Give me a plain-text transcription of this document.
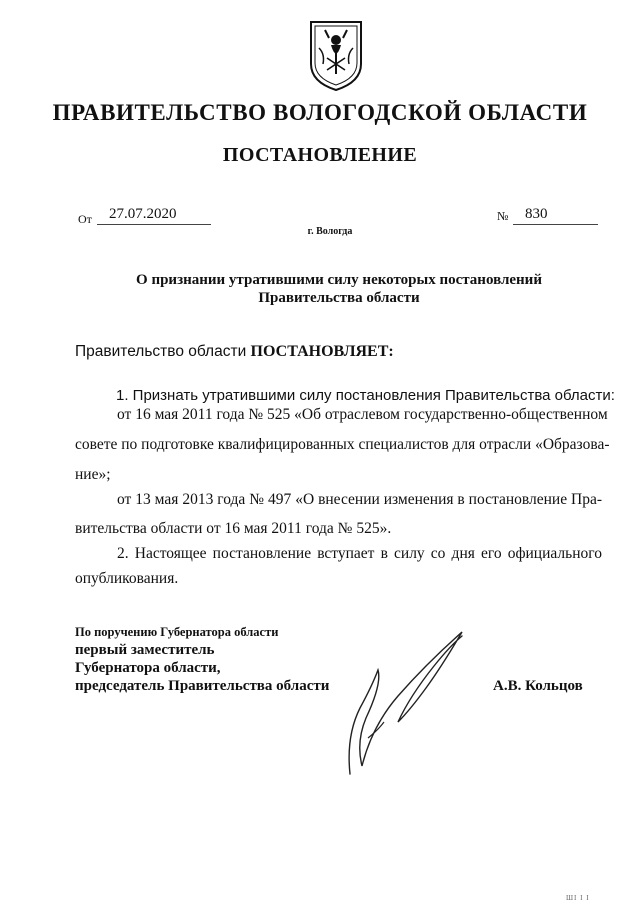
ПРАВИТЕЛЬСТВО ВОЛОГОДСКОЙ ОБЛАСТИ
ПОСТАНОВЛЕНИЕ
От	27.07.2020	№	830
г. Вологда
О признании утратившими силу некоторых постановлений
Правительства области
Правительство области ПОСТАНОВЛЯЕТ:
1. Признать утратившими силу постановления Правительства области:
от 16 мая 2011 года № 525 «Об отраслевом государственно-общественном
совете по подготовке квалифицированных специалистов для отрасли «Образова-
ние»;
от 13 мая 2013 года № 497 «О внесении изменения в постановление Пра-
вительства области от 16 мая 2011 года № 525».
2. Настоящее постановление вступает в силу со дня его официального
опубликования.
По поручению Губернатора области
первый заместитель
Губернатора области,
председатель Правительства области	А.В. Кольцов
ШI I I
